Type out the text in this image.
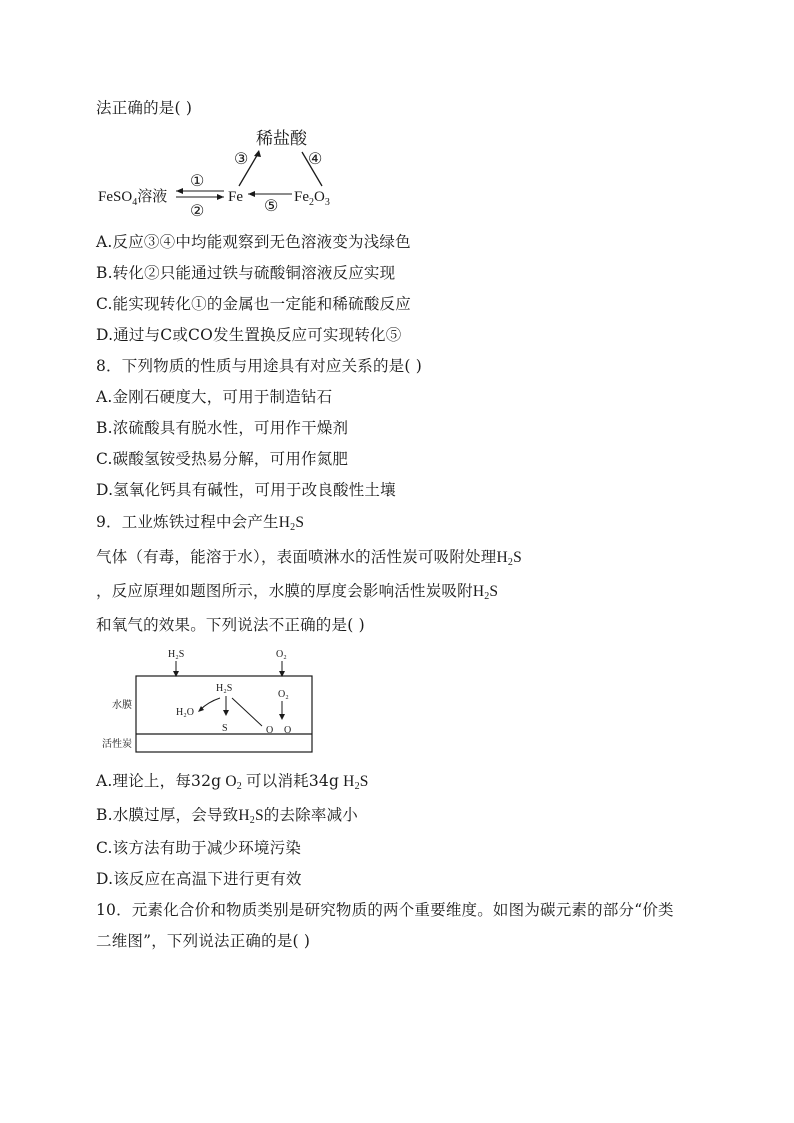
法正确的是( )
稀盐酸
③	④
①
②	⑤
FeSO$_4$溶液	Fe	$Fe_2O_3$
A.反应③④中均能观察到无色溶液变为浅绿色
B.转化②只能通过铁与硫酸铜溶液反应实现
C.能实现转化①的金属也一定能和稀硫酸反应
D.通过与C或CO发生置换反应可实现转化⑤
8．下列物质的性质与用途具有对应关系的是( )
A.金刚石硬度大，可用于制造钻石
B.浓硫酸具有脱水性，可用作干燥剂
C.碳酸氢铵受热易分解，可用作氮肥
D.氢氧化钙具有碱性，可用于改良酸性土壤
9．工业炼铁过程中会产生$H_2S$
气体（有毒，能溶于水），表面喷淋水的活性炭可吸附处理$H_2S$
，反应原理如题图所示，水膜的厚度会影响活性炭吸附$H_2S$
和氧气的效果。下列说法不正确的是( )
H₂S	O₂
水膜
活性炭
H₂S
O₂
S
H₂O
O O
A.理论上，每32g $O_2$ 可以消耗34g $H_2S$
B.水膜过厚，会导致$H_2S$的去除率减小
C.该方法有助于减少环境污染
D.该反应在高温下进行更有效
10．元素化合价和物质类别是研究物质的两个重要维度。如图为碳元素的部分“价类
二维图”，下列说法正确的是( )
